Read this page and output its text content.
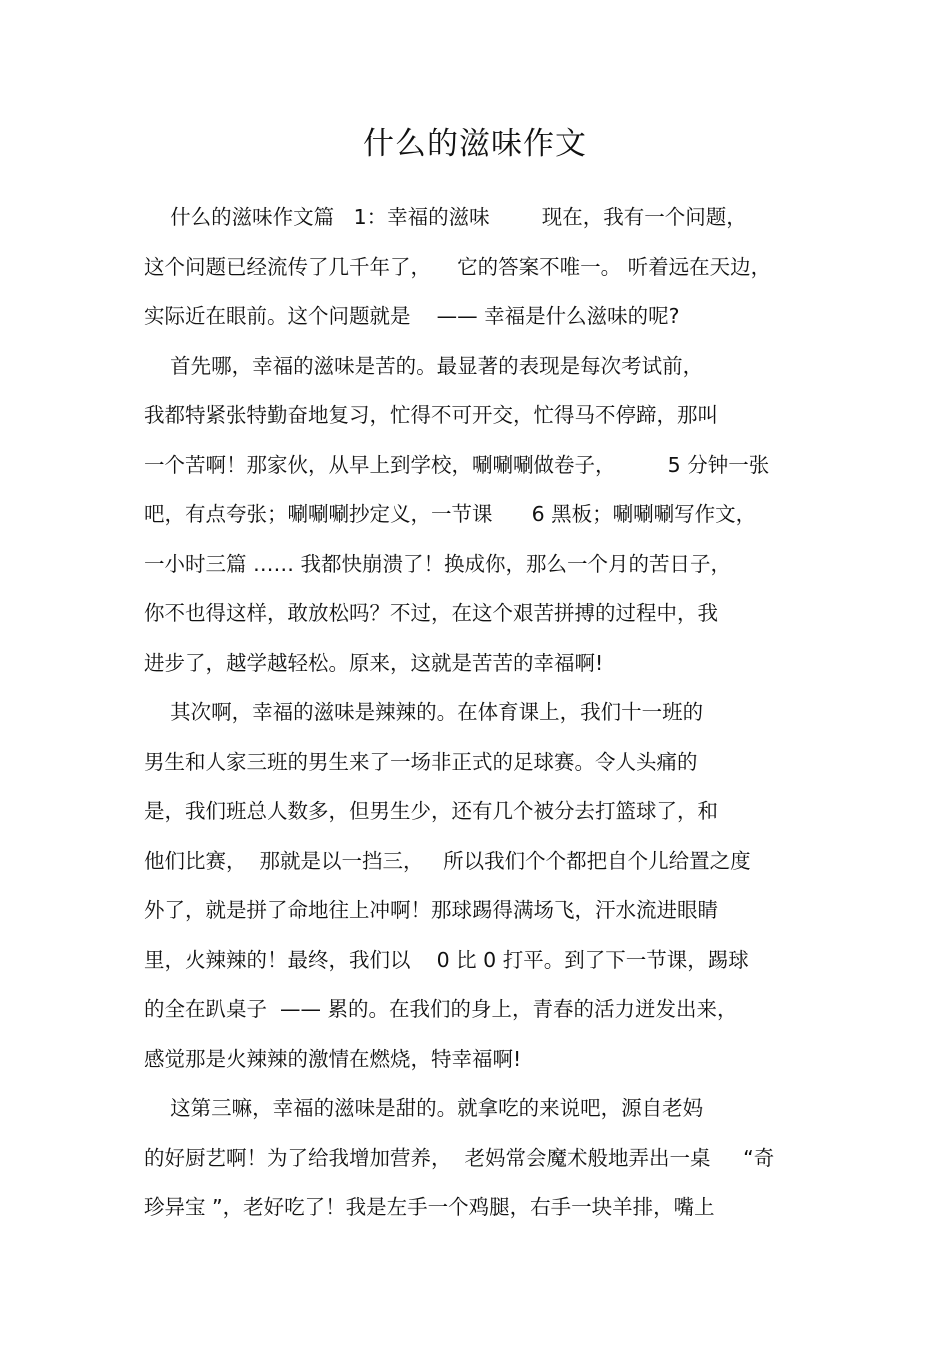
什么的滋味作文
什么的滋味作文篇   1：幸福的滋味        现在，我有一个问题，
这个问题已经流传了几千年了，    它的答案不唯一。 听着远在天边，
实际近在眼前。这个问题就是    —— 幸福是什么滋味的呢?
首先哪，幸福的滋味是苦的。最显著的表现是每次考试前，
我都特紧张特勤奋地复习，忙得不可开交，忙得马不停蹄，那叫
一个苦啊！那家伙，从早上到学校，唰唰唰做卷子，        5 分钟一张
吧，有点夸张；唰唰唰抄定义，一节课      6 黑板；唰唰唰写作文，
一小时三篇 …… 我都快崩溃了！换成你，那么一个月的苦日子，
你不也得这样，敢放松吗？不过，在这个艰苦拼搏的过程中，我
进步了，越学越轻松。原来，这就是苦苦的幸福啊!
其次啊，幸福的滋味是辣辣的。在体育课上，我们十一班的
男生和人家三班的男生来了一场非正式的足球赛。令人头痛的
是，我们班总人数多，但男生少，还有几个被分去打篮球了，和
他们比赛，  那就是以一挡三，   所以我们个个都把自个儿给置之度
外了，就是拼了命地往上冲啊！那球踢得满场飞，汗水流进眼睛
里，火辣辣的！最终，我们以    0 比 0 打平。到了下一节课，踢球
的全在趴桌子  —— 累的。在我们的身上，青春的活力迸发出来，
感觉那是火辣辣的激情在燃烧，特幸福啊!
这第三嘛，幸福的滋味是甜的。就拿吃的来说吧，源自老妈
的好厨艺啊！为了给我增加营养，  老妈常会魔术般地弄出一桌     “奇
珍异宝 ”，老好吃了！我是左手一个鸡腿，右手一块羊排，嘴上
